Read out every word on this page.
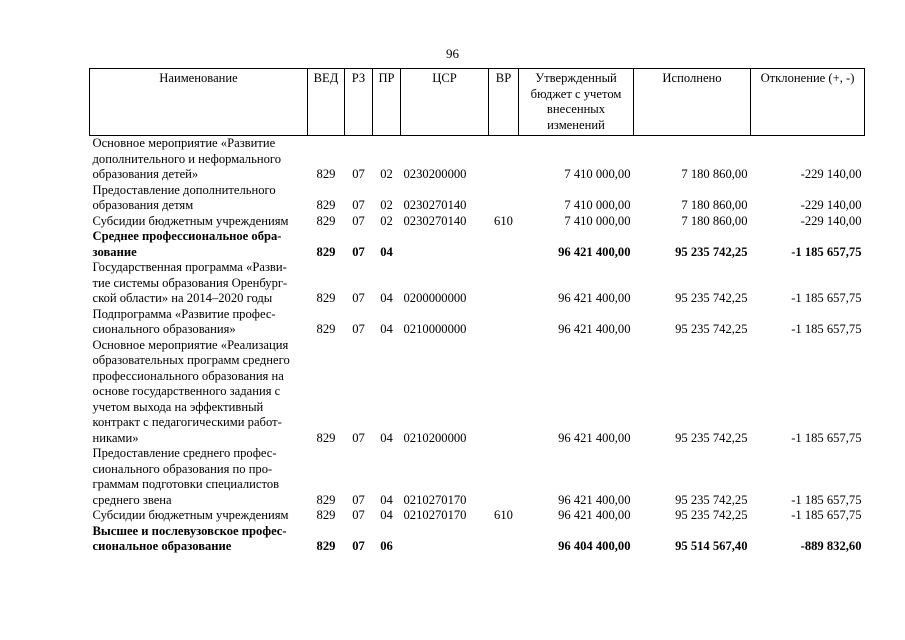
96
Наименование	ВЕД	РЗ	ПР	ЦСР	ВР	Утвержденный бюджет с учетом внесенных изменений	Исполнено	Отклонение (+, -)
Основное мероприятие «Развитие дополнительного и неформального образования детей»	829	07	02	0230200000		7 410 000,00	7 180 860,00	-229 140,00
Предоставление дополнительного образования детям	829	07	02	0230270140		7 410 000,00	7 180 860,00	-229 140,00
Субсидии бюджетным учреждениям	829	07	02	0230270140	610	7 410 000,00	7 180 860,00	-229 140,00
Среднее профессиональное обра-зование	829	07	04			96 421 400,00	95 235 742,25	-1 185 657,75
Государственная программа «Разви-тие системы образования Оренбург-ской области» на 2014–2020 годы	829	07	04	0200000000		96 421 400,00	95 235 742,25	-1 185 657,75
Подпрограмма «Развитие профес-сионального образования»	829	07	04	0210000000		96 421 400,00	95 235 742,25	-1 185 657,75
Основное мероприятие «Реализация образовательных программ среднего профессионального образования на основе государственного задания с учетом выхода на эффективный контракт с педагогическими работ-никами»	829	07	04	0210200000		96 421 400,00	95 235 742,25	-1 185 657,75
Предоставление среднего профес-сионального образования по про-граммам подготовки специалистов среднего звена	829	07	04	0210270170		96 421 400,00	95 235 742,25	-1 185 657,75
Субсидии бюджетным учреждениям	829	07	04	0210270170	610	96 421 400,00	95 235 742,25	-1 185 657,75
Высшее и послевузовское профес-сиональное образование	829	07	06			96 404 400,00	95 514 567,40	-889 832,60
